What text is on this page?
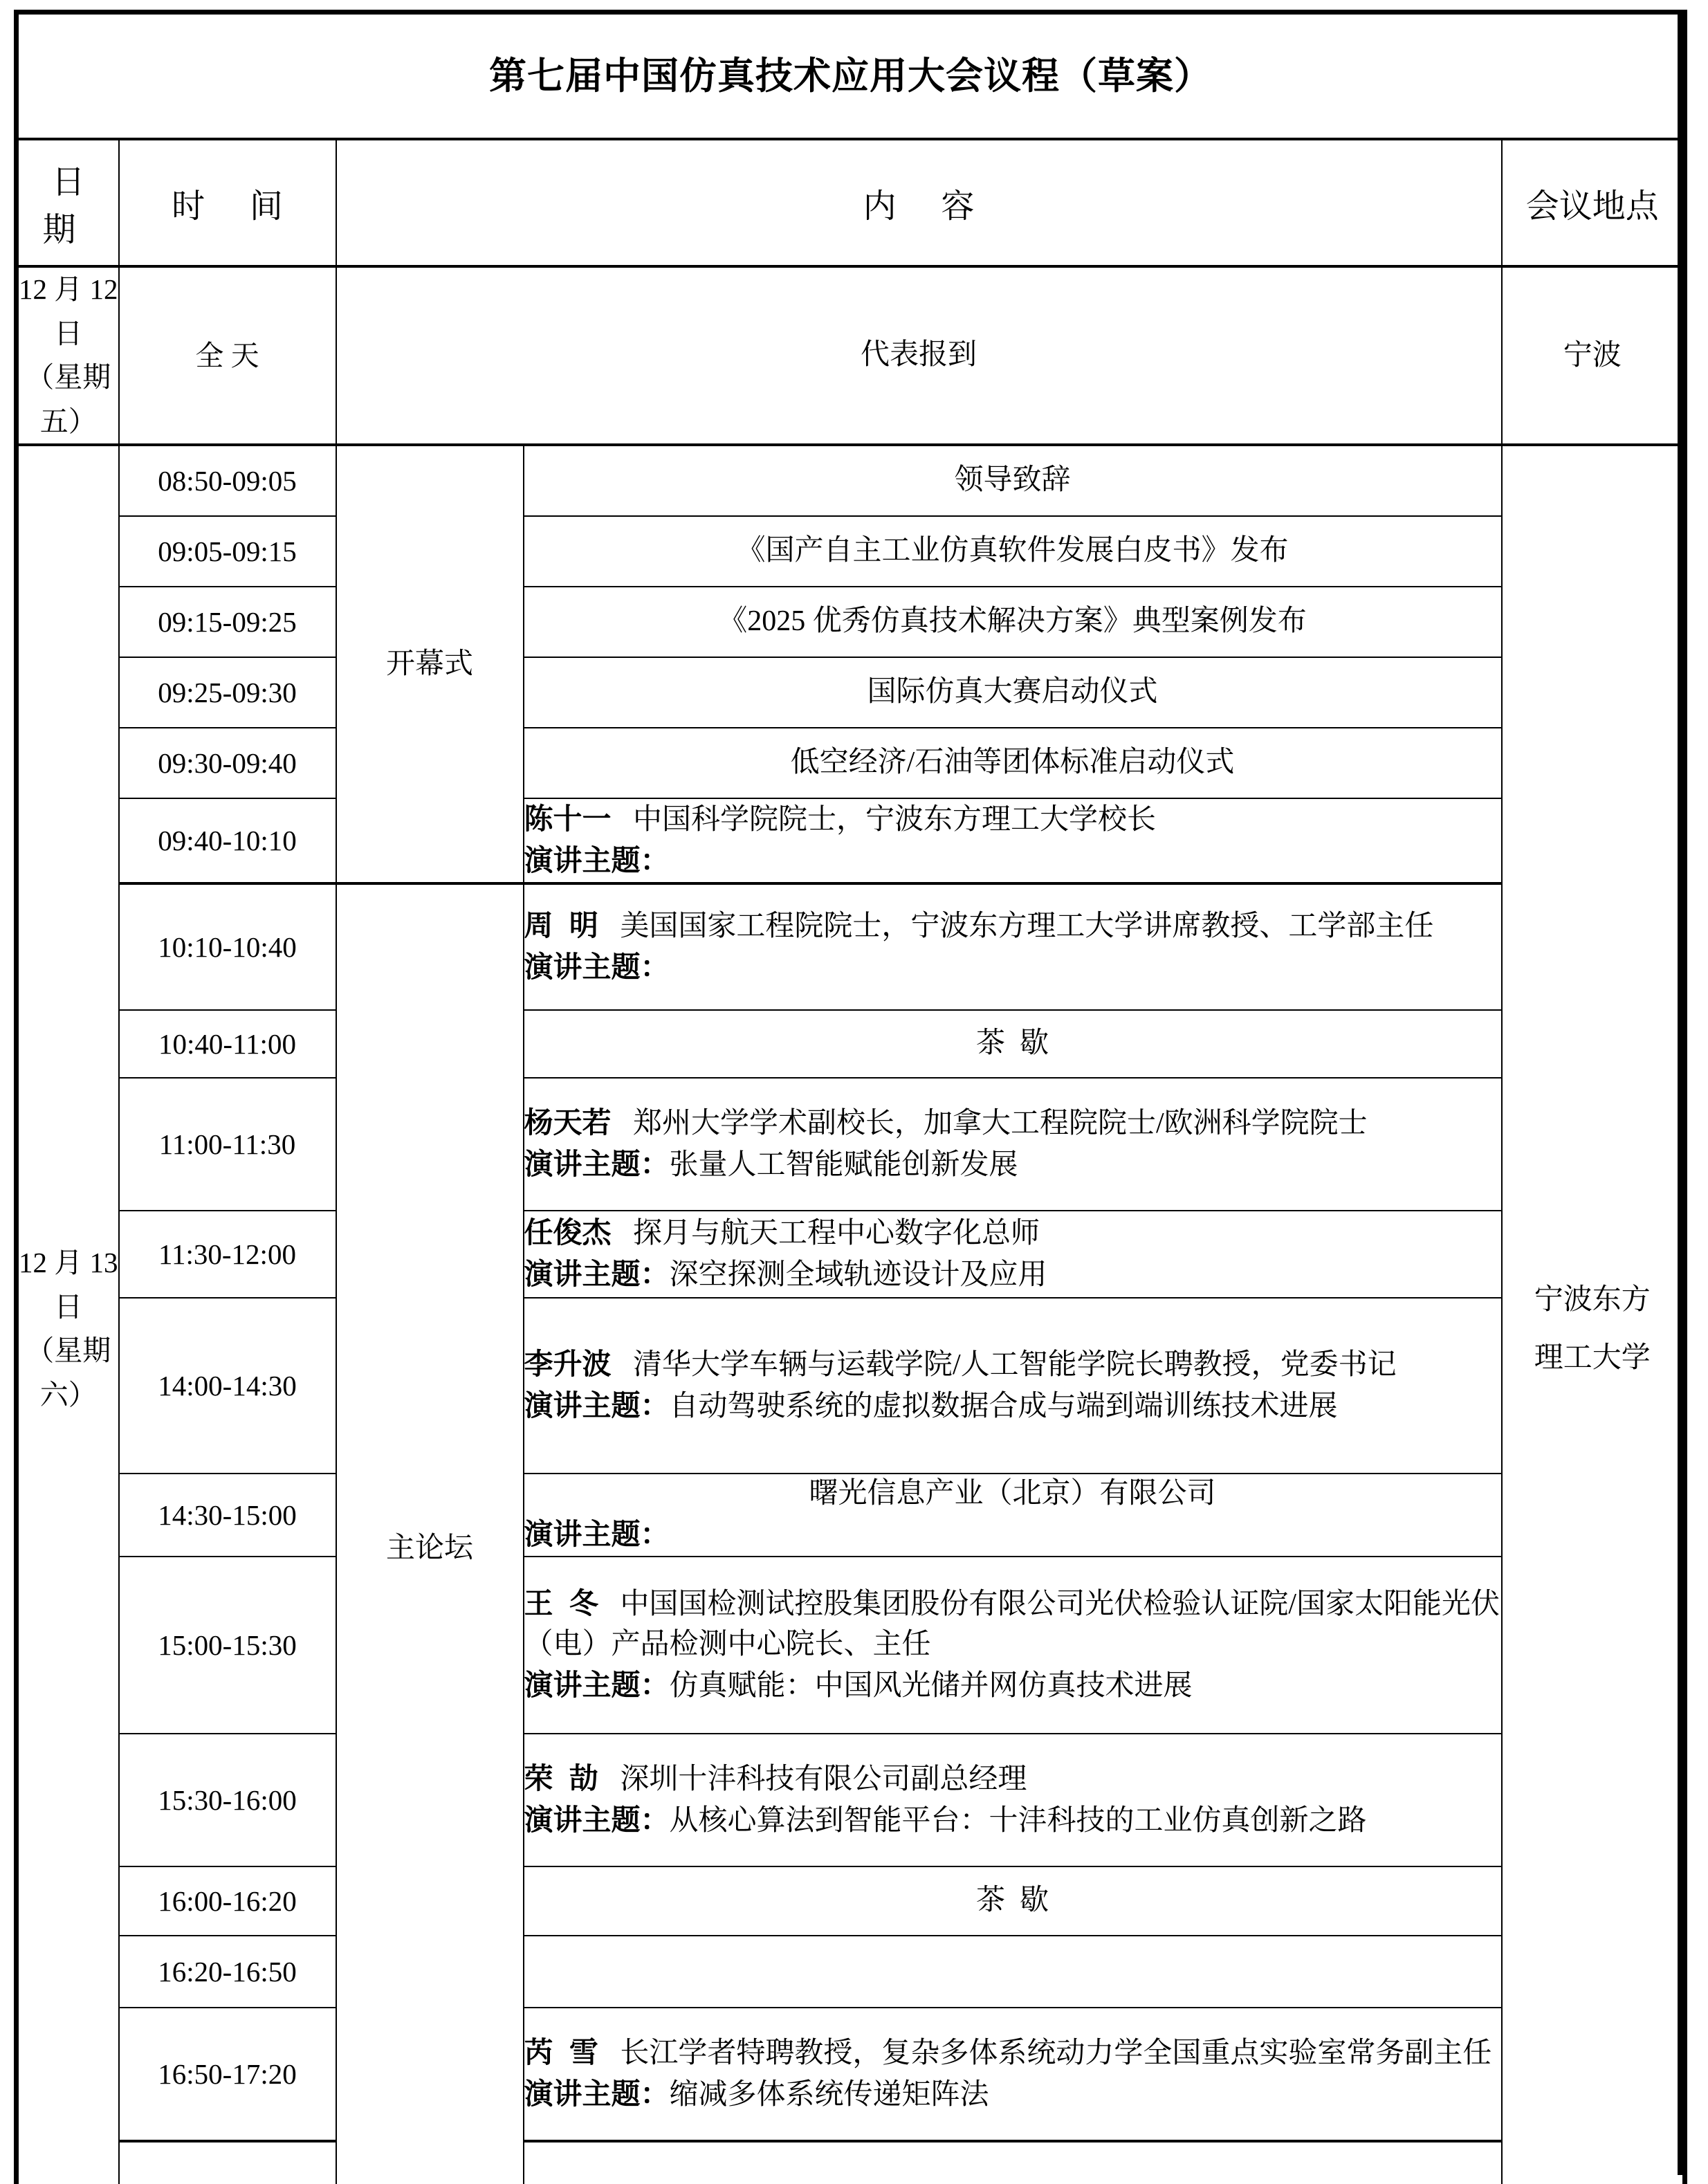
第七届中国仿真技术应用大会议程（草案）					

日 期	时 间	内 容		会议地点	

12 月 12 日
（星期五）	全 天	代表报到		宁波	

12 月 13 日
（星期六）	08:50-09:05	开幕式	领导致辞	宁波东方
理工大学	

	09:05-09:15		《国产自主工业仿真软件发展白皮书》发布		

	09:15-09:25		《2025 优秀仿真技术解决方案》典型案例发布		

	09:25-09:30		国际仿真大赛启动仪式		

	09:30-09:40		低空经济/石油等团体标准启动仪式		

	09:40-10:10		陈十一 中国科学院院士，宁波东方理工大学校长
演讲主题：		

	10:10-10:40	主论坛	周  明 美国国家工程院院士，宁波东方理工大学讲席教授、工学部主任
演讲主题：		

	10:40-11:00		茶  歇		

	11:00-11:30		杨天若 郑州大学学术副校长，加拿大工程院院士/欧洲科学院院士
演讲主题：张量人工智能赋能创新发展		

	11:30-12:00		任俊杰 探月与航天工程中心数字化总师
演讲主题：深空探测全域轨迹设计及应用		

	14:00-14:30		李升波 清华大学车辆与运载学院/人工智能学院长聘教授，党委书记
演讲主题：自动驾驶系统的虚拟数据合成与端到端训练技术进展		

	14:30-15:00		曙光信息产业（北京）有限公司
演讲主题：		

	15:00-15:30		王  冬 中国国检测试控股集团股份有限公司光伏检验认证院/国家太阳能光伏（电）产品检测中心院长、主任
演讲主题：仿真赋能：中国风光储并网仿真技术进展		

	15:30-16:00		荣  劼 深圳十沣科技有限公司副总经理
演讲主题：从核心算法到智能平台：十沣科技的工业仿真创新之路		

	16:00-16:20		茶  歇		

	16:20-16:50				
	16:50-17:20		芮  雪 长江学者特聘教授，复杂多体系统动力学全国重点实验室常务副主任
演讲主题：缩减多体系统传递矩阵法		
